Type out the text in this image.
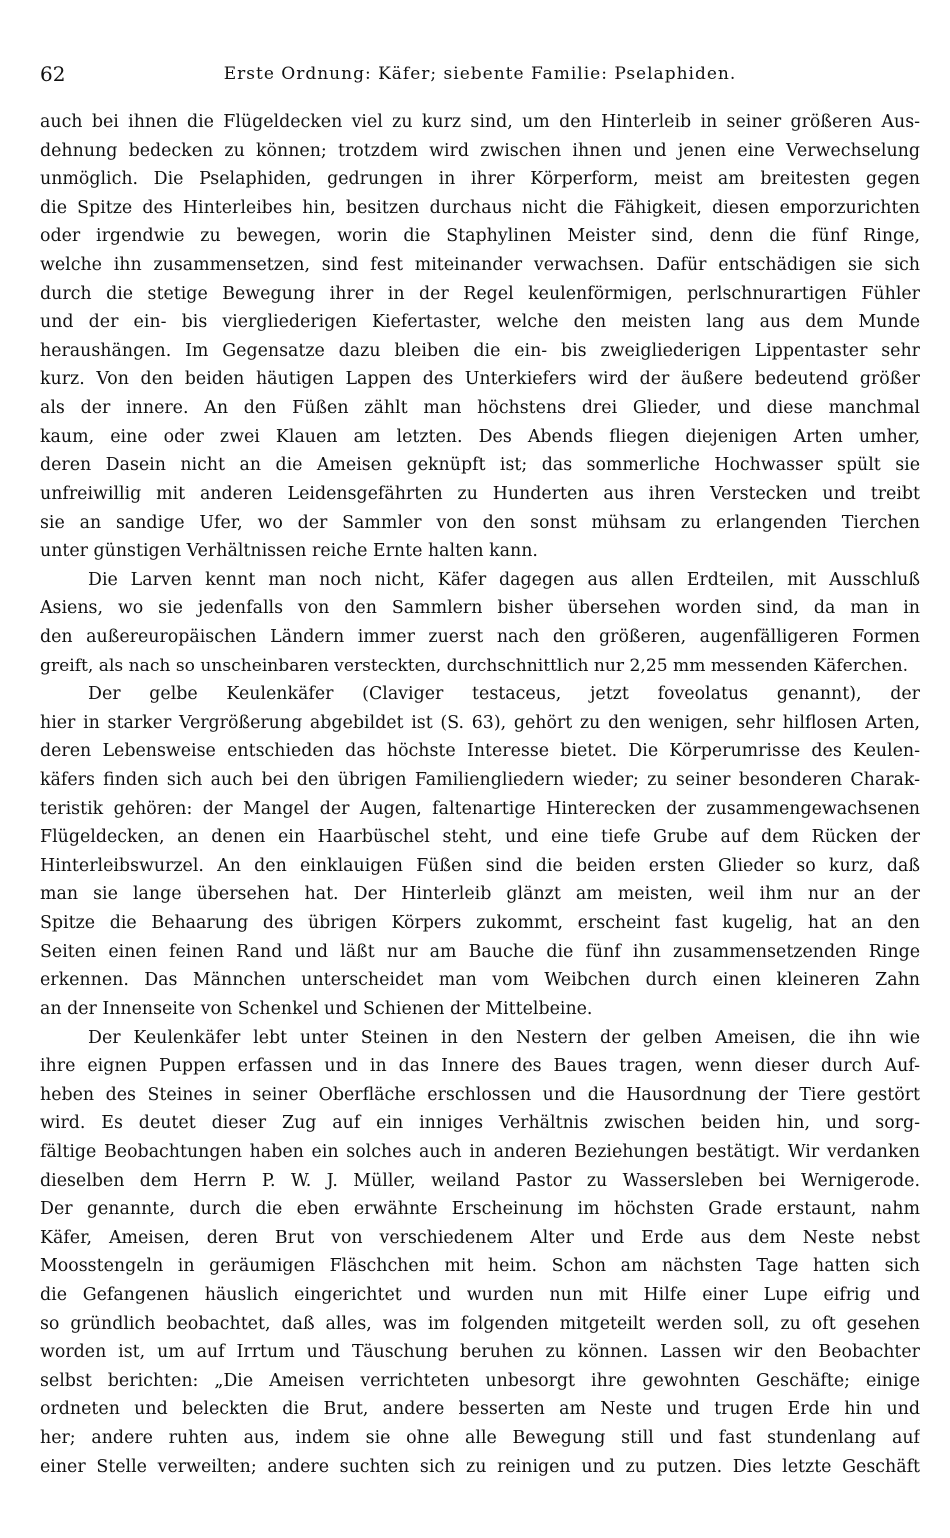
62	Erste Ordnung: Käfer; siebente Familie: Pselaphiden.
auch bei ihnen die Flügeldecken viel zu kurz sind, um den Hinterleib in seiner größeren Aus-
dehnung bedecken zu können; trotzdem wird zwischen ihnen und jenen eine Verwechselung
unmöglich. Die Pselaphiden, gedrungen in ihrer Körperform, meist am breitesten gegen
die Spitze des Hinterleibes hin, besitzen durchaus nicht die Fähigkeit, diesen emporzurichten
oder irgendwie zu bewegen, worin die Staphylinen Meister sind, denn die fünf Ringe,
welche ihn zusammensetzen, sind fest miteinander verwachsen. Dafür entschädigen sie sich
durch die stetige Bewegung ihrer in der Regel keulenförmigen, perlschnurartigen Fühler
und der ein- bis viergliederigen Kiefertaster, welche den meisten lang aus dem Munde
heraushängen. Im Gegensatze dazu bleiben die ein- bis zweigliederigen Lippentaster sehr
kurz. Von den beiden häutigen Lappen des Unterkiefers wird der äußere bedeutend größer
als der innere. An den Füßen zählt man höchstens drei Glieder, und diese manchmal
kaum, eine oder zwei Klauen am letzten. Des Abends fliegen diejenigen Arten umher,
deren Dasein nicht an die Ameisen geknüpft ist; das sommerliche Hochwasser spült sie
unfreiwillig mit anderen Leidensgefährten zu Hunderten aus ihren Verstecken und treibt
sie an sandige Ufer, wo der Sammler von den sonst mühsam zu erlangenden Tierchen
unter günstigen Verhältnissen reiche Ernte halten kann.
Die Larven kennt man noch nicht, Käfer dagegen aus allen Erdteilen, mit Ausschluß
Asiens, wo sie jedenfalls von den Sammlern bisher übersehen worden sind, da man in
den außereuropäischen Ländern immer zuerst nach den größeren, augenfälligeren Formen
greift, als nach so unscheinbaren versteckten, durchschnittlich nur 2,25 mm messenden Käferchen.
Der gelbe Keulenkäfer (Claviger testaceus, jetzt foveolatus genannt), der
hier in starker Vergrößerung abgebildet ist (S. 63), gehört zu den wenigen, sehr hilflosen Arten,
deren Lebensweise entschieden das höchste Interesse bietet. Die Körperumrisse des Keulen-
käfers finden sich auch bei den übrigen Familiengliedern wieder; zu seiner besonderen Charak-
teristik gehören: der Mangel der Augen, faltenartige Hinterecken der zusammengewachsenen
Flügeldecken, an denen ein Haarbüschel steht, und eine tiefe Grube auf dem Rücken der
Hinterleibswurzel. An den einklauigen Füßen sind die beiden ersten Glieder so kurz, daß
man sie lange übersehen hat. Der Hinterleib glänzt am meisten, weil ihm nur an der
Spitze die Behaarung des übrigen Körpers zukommt, erscheint fast kugelig, hat an den
Seiten einen feinen Rand und läßt nur am Bauche die fünf ihn zusammensetzenden Ringe
erkennen. Das Männchen unterscheidet man vom Weibchen durch einen kleineren Zahn
an der Innenseite von Schenkel und Schienen der Mittelbeine.
Der Keulenkäfer lebt unter Steinen in den Nestern der gelben Ameisen, die ihn wie
ihre eignen Puppen erfassen und in das Innere des Baues tragen, wenn dieser durch Auf-
heben des Steines in seiner Oberfläche erschlossen und die Hausordnung der Tiere gestört
wird. Es deutet dieser Zug auf ein inniges Verhältnis zwischen beiden hin, und sorg-
fältige Beobachtungen haben ein solches auch in anderen Beziehungen bestätigt. Wir verdanken
dieselben dem Herrn P. W. J. Müller, weiland Pastor zu Wassersleben bei Wernigerode.
Der genannte, durch die eben erwähnte Erscheinung im höchsten Grade erstaunt, nahm
Käfer, Ameisen, deren Brut von verschiedenem Alter und Erde aus dem Neste nebst
Moosstengeln in geräumigen Fläschchen mit heim. Schon am nächsten Tage hatten sich
die Gefangenen häuslich eingerichtet und wurden nun mit Hilfe einer Lupe eifrig und
so gründlich beobachtet, daß alles, was im folgenden mitgeteilt werden soll, zu oft gesehen
worden ist, um auf Irrtum und Täuschung beruhen zu können. Lassen wir den Beobachter
selbst berichten: „Die Ameisen verrichteten unbesorgt ihre gewohnten Geschäfte; einige
ordneten und beleckten die Brut, andere besserten am Neste und trugen Erde hin und
her; andere ruhten aus, indem sie ohne alle Bewegung still und fast stundenlang auf
einer Stelle verweilten; andere suchten sich zu reinigen und zu putzen. Dies letzte Geschäft
